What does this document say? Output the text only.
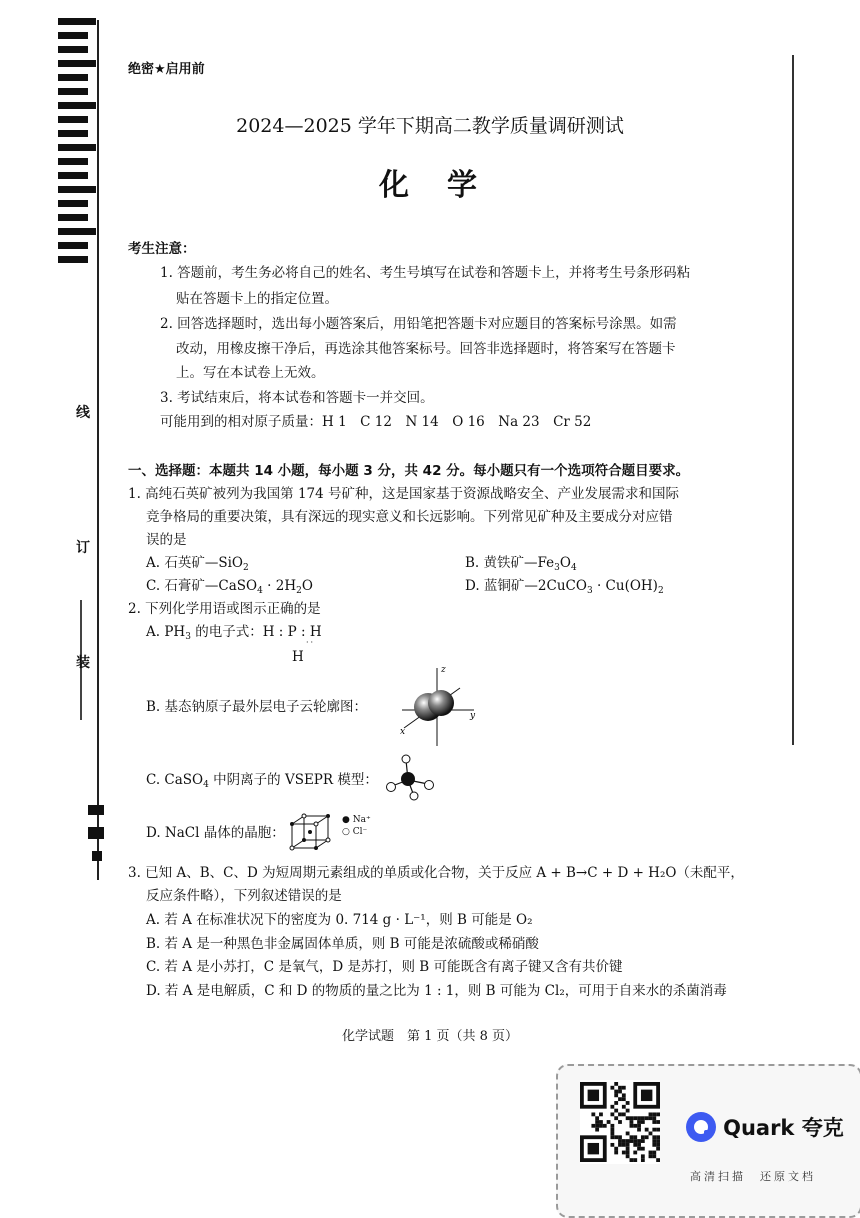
线
订
装
绝密★启用前
2024—2025 学年下期高二教学质量调研测试
化　学
考生注意：
1. 答题前，考生务必将自己的姓名、考生号填写在试卷和答题卡上，并将考生号条形码粘
贴在答题卡上的指定位置。
2. 回答选择题时，选出每小题答案后，用铅笔把答题卡对应题目的答案标号涂黑。如需
改动，用橡皮擦干净后，再选涂其他答案标号。回答非选择题时，将答案写在答题卡
上。写在本试卷上无效。
3. 考试结束后，将本试卷和答题卡一并交回。
可能用到的相对原子质量：H 1　C 12　N 14　O 16　Na 23　Cr 52
一、选择题：本题共 14 小题，每小题 3 分，共 42 分。每小题只有一个选项符合题目要求。
1. 高纯石英矿被列为我国第 174 号矿种，这是国家基于资源战略安全、产业发展需求和国际
竞争格局的重要决策，具有深远的现实意义和长远影响。下列常见矿种及主要成分对应错
误的是
A. 石英矿—SiO$_2$	B. 黄铁矿$—Fe_3O_4$
C. 石膏矿—CaSO$_4$ · $2H_2O$	D. 蓝铜矿—2CuCO$_3$ · $Cu(OH)_2$
2. 下列化学用语或图示正确的是
A. $PH_3$ 的电子式：H : P : H
··
H
B. 基态钠原子最外层电子云轮廓图：
z
y
x
C. CaSO$_4$ 中阴离子的 VSEPR 模型：
D. NaCl 晶体的晶胞：
● Na⁺
○ Cl⁻
3. 已知 A、B、C、D 为短周期元素组成的单质或化合物，关于反应 A + B→C + D + H₂O（未配平，
反应条件略），下列叙述错误的是
A. 若 A 在标准状况下的密度为 0. 714 g · L⁻¹，则 B 可能是 O₂
B. 若 A 是一种黑色非金属固体单质，则 B 可能是浓硫酸或稀硝酸
C. 若 A 是小苏打，C 是氧气，D 是苏打，则 B 可能既含有离子键又含有共价键
D. 若 A 是电解质，C 和 D 的物质的量之比为 1 : 1，则 B 可能为 Cl₂，可用于自来水的杀菌消毒
化学试题　第 1 页（共 8 页）
Quark 夸克
高清扫描　还原文档
